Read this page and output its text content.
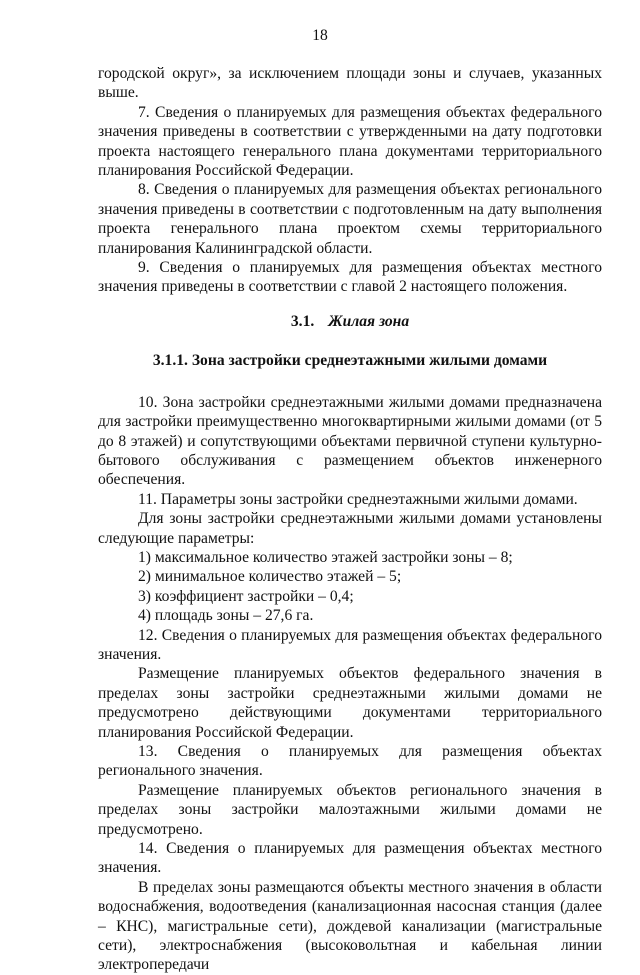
18

городской округ», за исключением площади зоны и случаев, указанных выше.

7. Сведения о планируемых для размещения объектах федерального значения приведены в соответствии с утвержденными на дату подготовки проекта настоящего генерального плана документами территориального планирования Российской Федерации.

8. Сведения о планируемых для размещения объектах регионального значения приведены в соответствии с подготовленным на дату выполнения проекта генерального плана проектом схемы территориального планирования Калининградской области.

9. Сведения о планируемых для размещения объектах местного значения приведены в соответствии с главой 2 настоящего положения.

3.1. Жилая зона
3.1.1. Зона застройки среднеэтажными жилыми домами

10. Зона застройки среднеэтажными жилыми домами предназначена для застройки преимущественно многоквартирными жилыми домами (от 5 до 8 этажей) и сопутствующими объектами первичной ступени культурно-бытового обслуживания с размещением объектов инженерного обеспечения.

11. Параметры зоны застройки среднеэтажными жилыми домами.

Для зоны застройки среднеэтажными жилыми домами установлены следующие параметры:

1) максимальное количество этажей застройки зоны – 8;

2) минимальное количество этажей – 5;

3) коэффициент застройки – 0,4;

4) площадь зоны – 27,6 га.

12. Сведения о планируемых для размещения объектах федерального значения.

Размещение планируемых объектов федерального значения в пределах зоны застройки среднеэтажными жилыми домами не предусмотрено действующими документами территориального планирования Российской Федерации.

13. Сведения о планируемых для размещения объектах регионального значения.

Размещение планируемых объектов регионального значения в пределах зоны застройки малоэтажными жилыми домами не предусмотрено.

14. Сведения о планируемых для размещения объектах местного значения.

В пределах зоны размещаются объекты местного значения в области водоснабжения, водоотведения (канализационная насосная станция (далее – КНС), магистральные сети), дождевой канализации (магистральные сети), электроснабжения (высоковольтная и кабельная линии электропередачи
